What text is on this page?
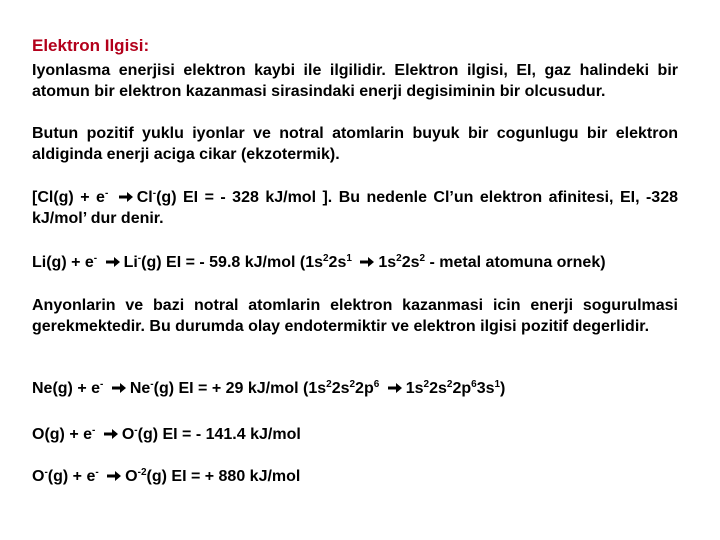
Elektron Ilgisi:

Iyonlasma enerjisi elektron kaybi ile ilgilidir. Elektron ilgisi, EI, gaz halindeki bir atomun bir elektron kazanmasi sirasindaki enerji degisiminin bir olcusudur.

Butun pozitif yuklu iyonlar ve notral atomlarin buyuk bir cogunlugu bir elektron aldiginda enerji aciga cikar (ekzotermik).

[Cl(g) + e- Cl-(g) EI = - 328 kJ/mol ]. Bu nedenle Cl’un elektron afinitesi, EI, -328 kJ/mol’ dur denir.

Li(g) + e- Li-(g) EI = - 59.8 kJ/mol ($1s^22s^1$ $1s^22s^2$ - metal atomuna ornek)

Anyonlarin ve bazi notral atomlarin elektron kazanmasi icin enerji sogurulmasi gerekmektedir. Bu durumda olay endotermiktir ve elektron ilgisi pozitif degerlidir.

Ne(g) + e- Ne-(g) EI = + 29 kJ/mol ($1s^22s^22p^6$ $1s^22s^22p^63s^1$)
O(g) + e- O-(g) EI = - 141.4 kJ/mol
O-(g) + e- $O^{-2}(g)$ EI = + 880 kJ/mol
